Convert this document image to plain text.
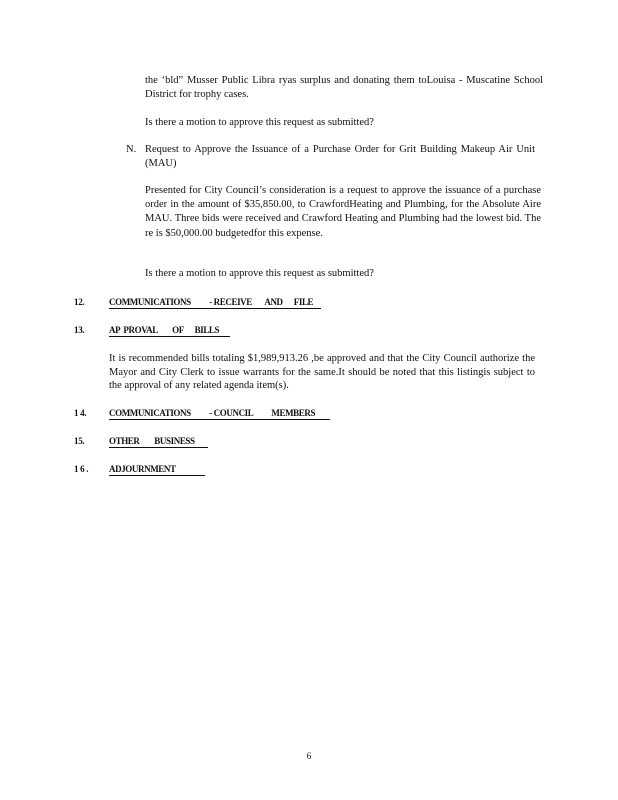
the ‘bld” Musser Public Libra ryas surplus and donating them toLouisa - Muscatine School District for trophy cases.
Is there a motion to approve this request as submitted?
N. Request to Approve the Issuance of a Purchase Order for Grit Building Makeup Air Unit (MAU)
Presented for City Council’s consideration is a request to approve the issuance of a purchase order in the amount of $35,850.00, to CrawfordHeating and Plumbing, for the Absolute Aire MAU. Three bids were received and Crawford Heating and Plumbing had the lowest bid. The re is $50,000.00 budgetedfor this expense.
Is there a motion to approve this request as submitted?
12.	COMMUNICATIONS          - RECEIVE       AND      FILE
13.	AP  PROVAL        OF      BILLS
It is recommended bills totaling $1,989,913.26 ,be approved and that the City Council authorize the Mayor and City Clerk to issue warrants for the same.It should be noted that this listingis subject to the approval of any related agenda item(s).
1 4.	COMMUNICATIONS          - COUNCIL          MEMBERS
15.	OTHER        BUSINESS
1 6 . ADJOURNMENT
6
